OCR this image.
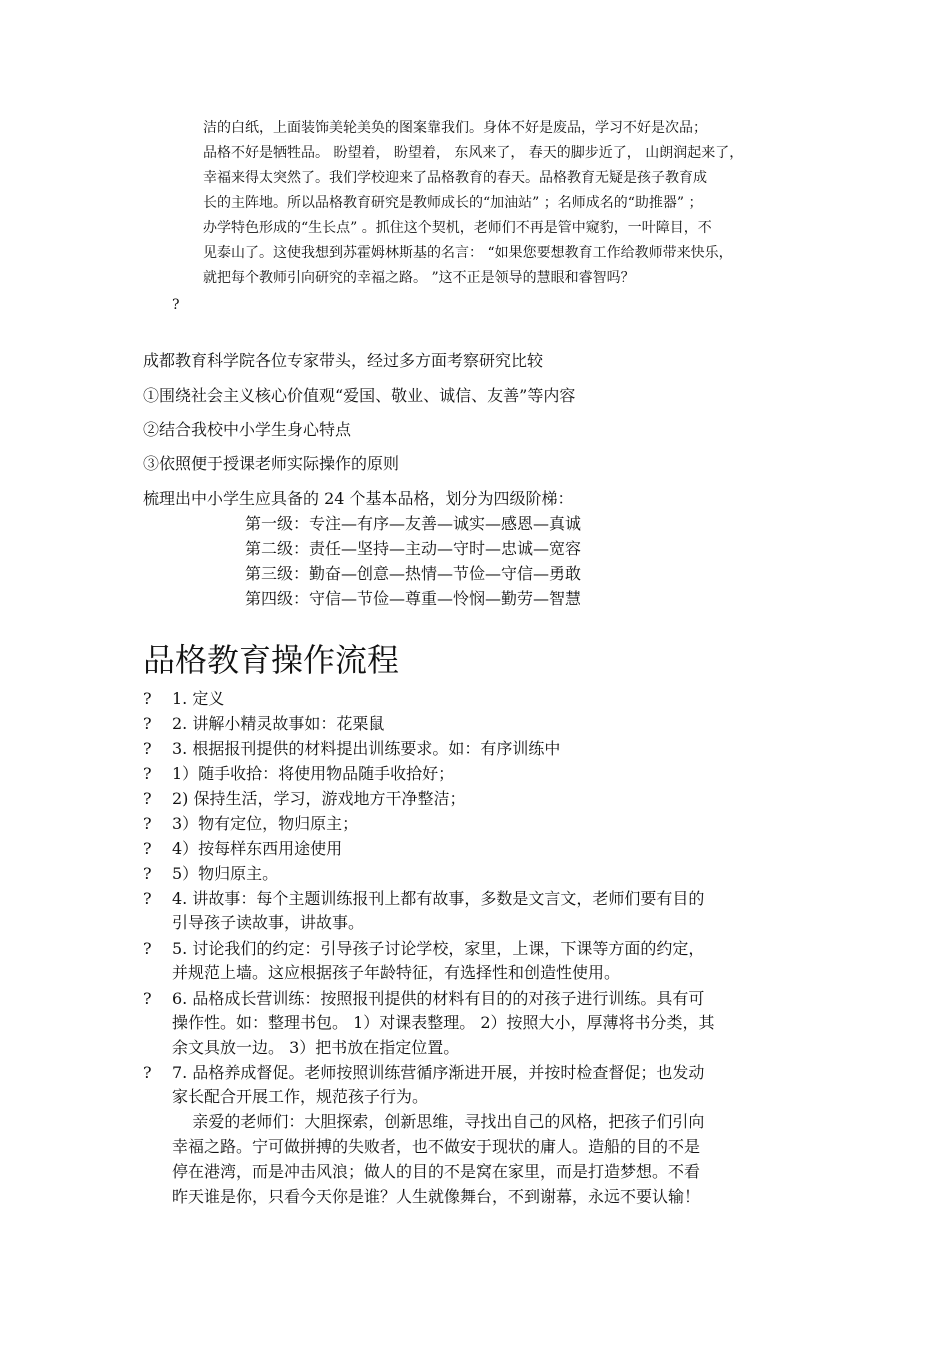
洁的白纸，上面装饰美轮美奂的图案靠我们。身体不好是废品，学习不好是次品；
品格不好是牺牲品。 盼望着， 盼望着， 东风来了， 春天的脚步近了， 山朗润起来了，
幸福来得太突然了。我们学校迎来了品格教育的春天。品格教育无疑是孩子教育成
长的主阵地。所以品格教育研究是教师成长的“加油站” ；名师成名的“助推器” ；
办学特色形成的“生长点” 。抓住这个契机，老师们不再是管中窥豹，一叶障目，不
见泰山了。这使我想到苏霍姆林斯基的名言： “如果您要想教育工作给教师带来快乐，
就把每个教师引向研究的幸福之路。 ”这不正是领导的慧眼和睿智吗？
?
成都教育科学院各位专家带头，经过多方面考察研究比较
①围绕社会主义核心价值观“爱国、敬业、诚信、友善”等内容
②结合我校中小学生身心特点
③依照便于授课老师实际操作的原则
梳理出中小学生应具备的 24 个基本品格，划分为四级阶梯：
第一级：专注—有序—友善—诚实—感恩—真诚
第二级：责任—坚持—主动—守时—忠诚—宽容
第三级：勤奋—创意—热情—节俭—守信—勇敢
第四级：守信—节俭—尊重—怜悯—勤劳—智慧
品格教育操作流程
? 1. 定义
? 2. 讲解小精灵故事如：花栗鼠
? 3. 根据报刊提供的材料提出训练要求。如：有序训练中
? 1）随手收拾：将使用物品随手收拾好；
? 2) 保持生活，学习，游戏地方干净整洁；
? 3）物有定位，物归原主；
? 4）按每样东西用途使用
? 5）物归原主。
? 4. 讲故事：每个主题训练报刊上都有故事，多数是文言文，老师们要有目的
引导孩子读故事，讲故事。
? 5. 讨论我们的约定：引导孩子讨论学校，家里，上课，下课等方面的约定，
并规范上墙。这应根据孩子年龄特征，有选择性和创造性使用。
? 6. 品格成长营训练：按照报刊提供的材料有目的的对孩子进行训练。具有可
操作性。如：整理书包。 1）对课表整理。 2）按照大小，厚薄将书分类，其
余文具放一边。 3）把书放在指定位置。
? 7. 品格养成督促。老师按照训练营循序渐进开展，并按时检查督促；也发动
家长配合开展工作，规范孩子行为。
亲爱的老师们：大胆探索，创新思维，寻找出自己的风格，把孩子们引向
幸福之路。宁可做拼搏的失败者，也不做安于现状的庸人。造船的目的不是
停在港湾，而是冲击风浪；做人的目的不是窝在家里，而是打造梦想。不看
昨天谁是你，只看今天你是谁？人生就像舞台，不到谢幕，永远不要认输！
